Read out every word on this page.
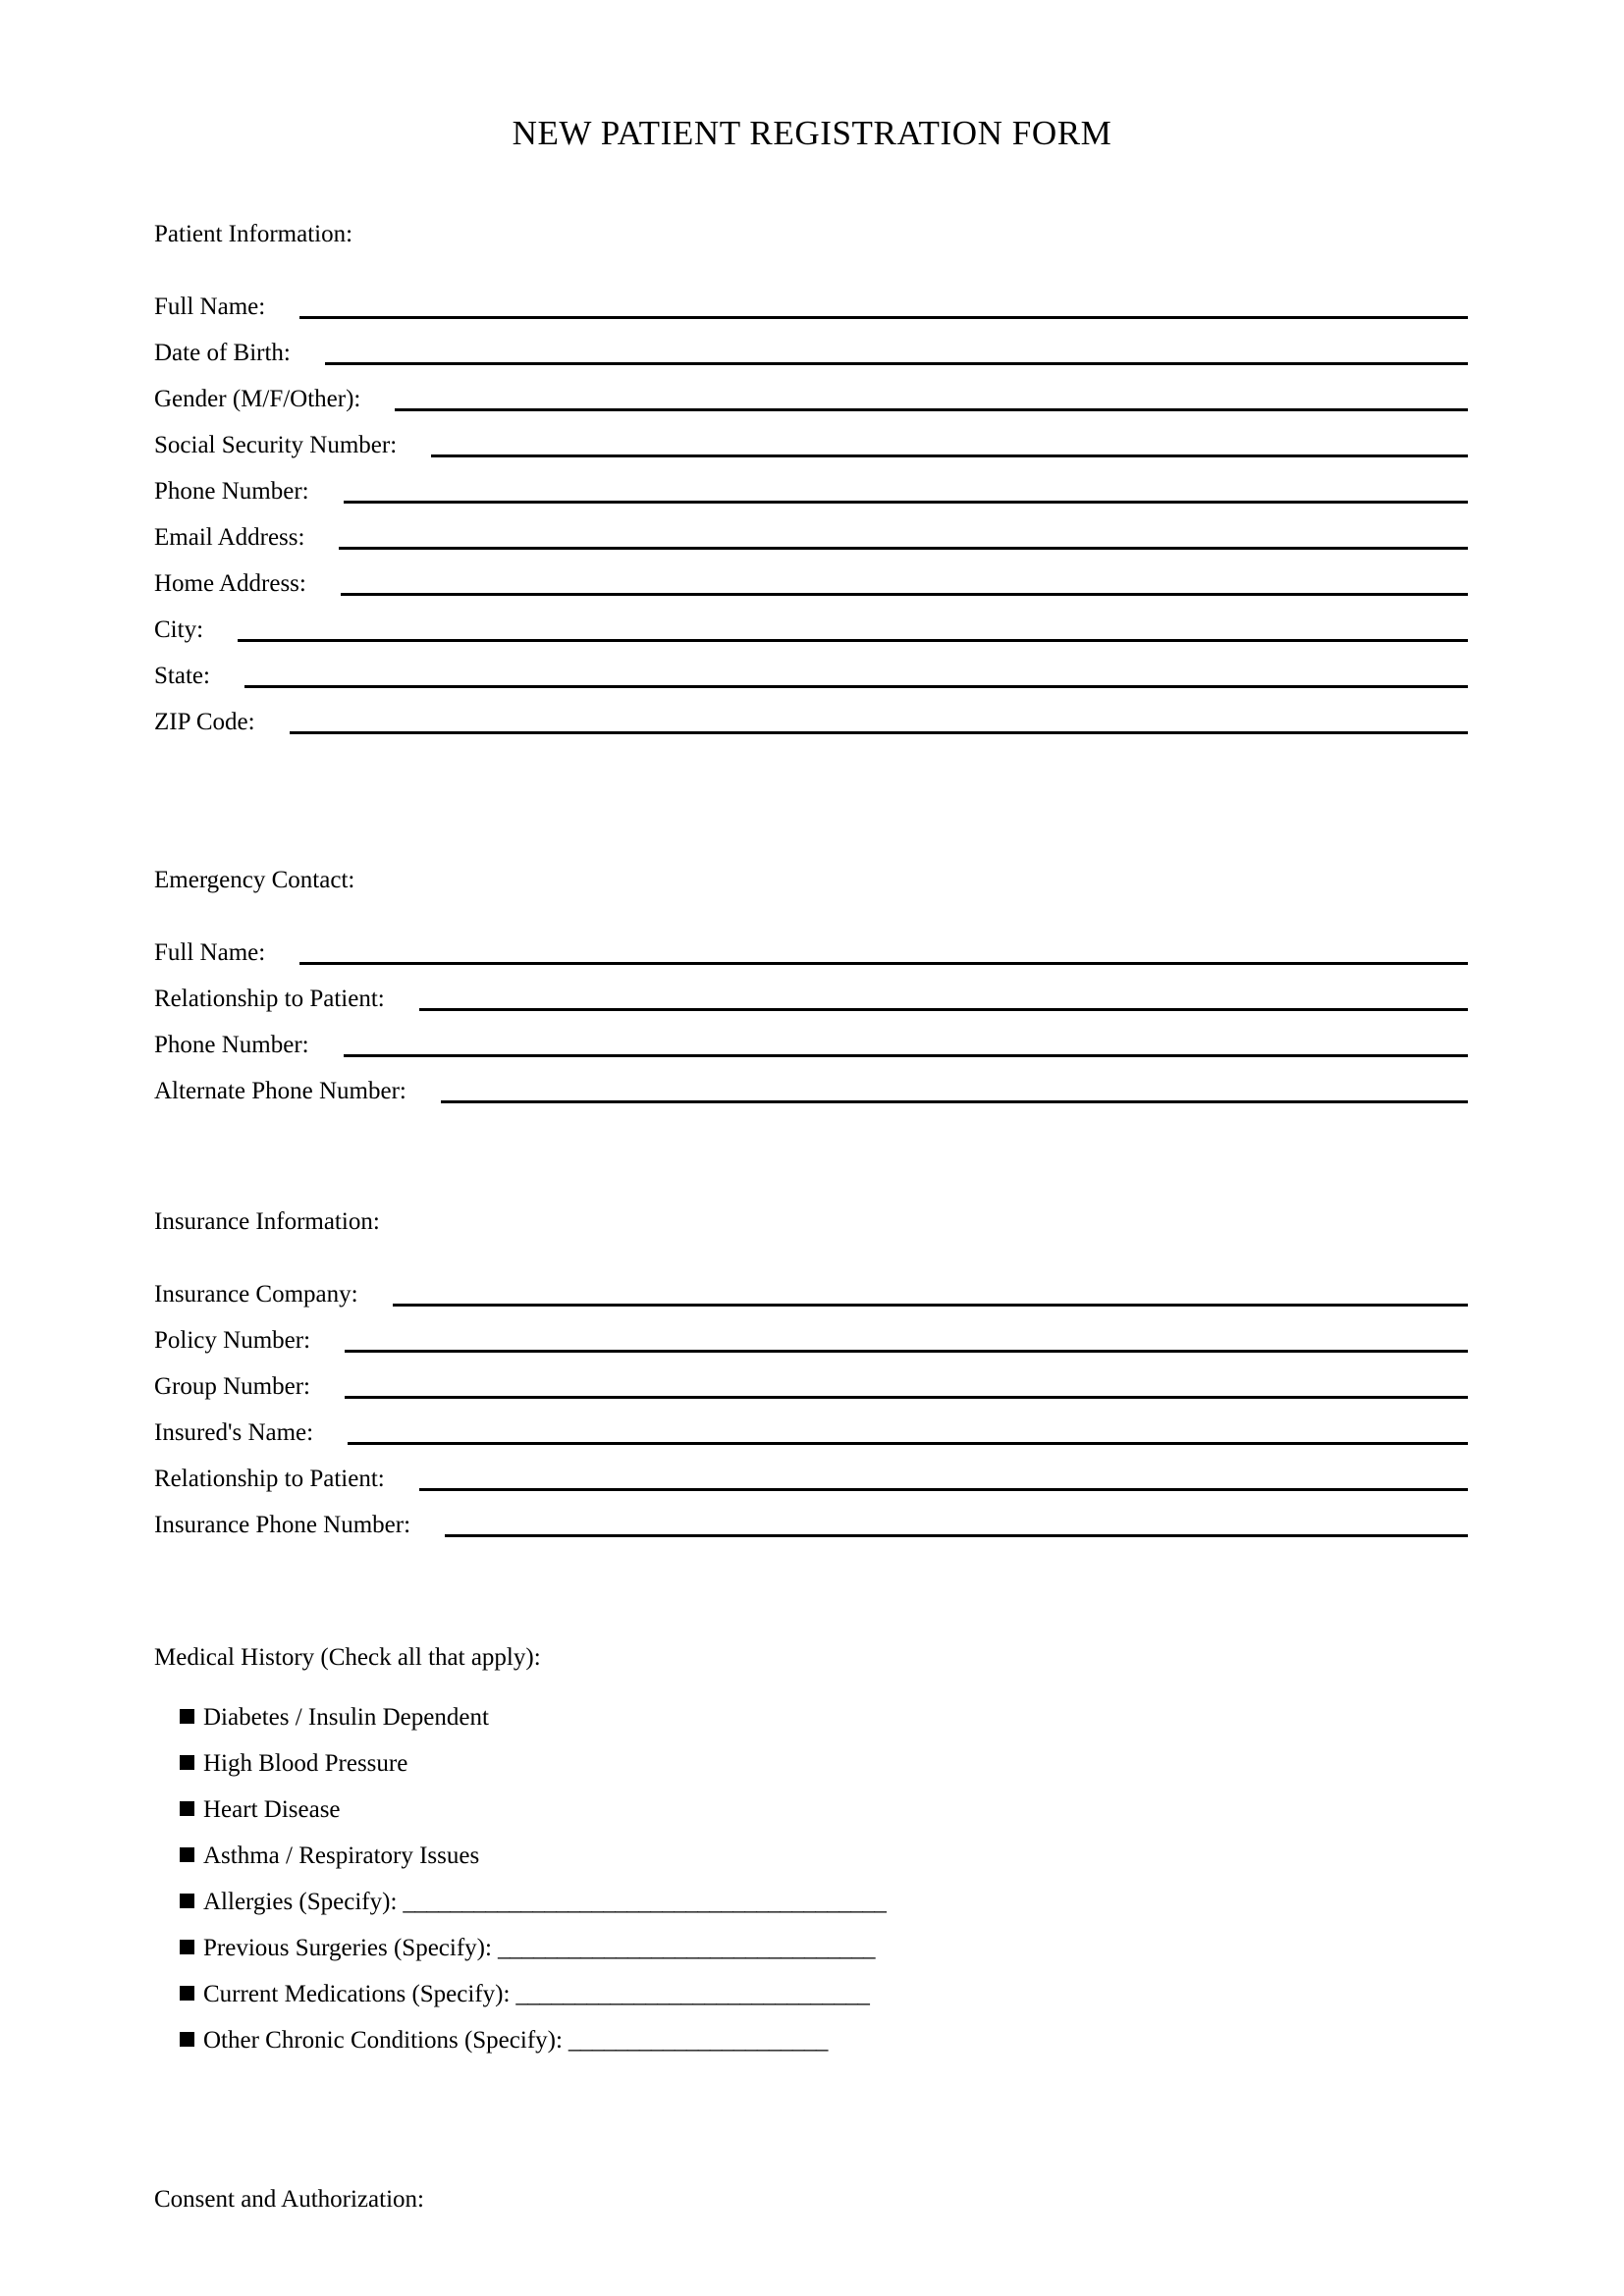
NEW PATIENT REGISTRATION FORM
Patient Information:
Full Name:
Date of Birth:
Gender (M/F/Other):
Social Security Number:
Phone Number:
Email Address:
Home Address:
City:
State:
ZIP Code:
Emergency Contact:
Full Name:
Relationship to Patient:
Phone Number:
Alternate Phone Number:
Insurance Information:
Insurance Company:
Policy Number:
Group Number:
Insured's Name:
Relationship to Patient:
Insurance Phone Number:
Medical History (Check all that apply):
Diabetes / Insulin Dependent
High Blood Pressure
Heart Disease
Asthma / Respiratory Issues
Allergies (Specify): _________________________________________
Previous Surgeries (Specify): ________________________________
Current Medications (Specify): ______________________________
Other Chronic Conditions (Specify): ______________________
Consent and Authorization:
